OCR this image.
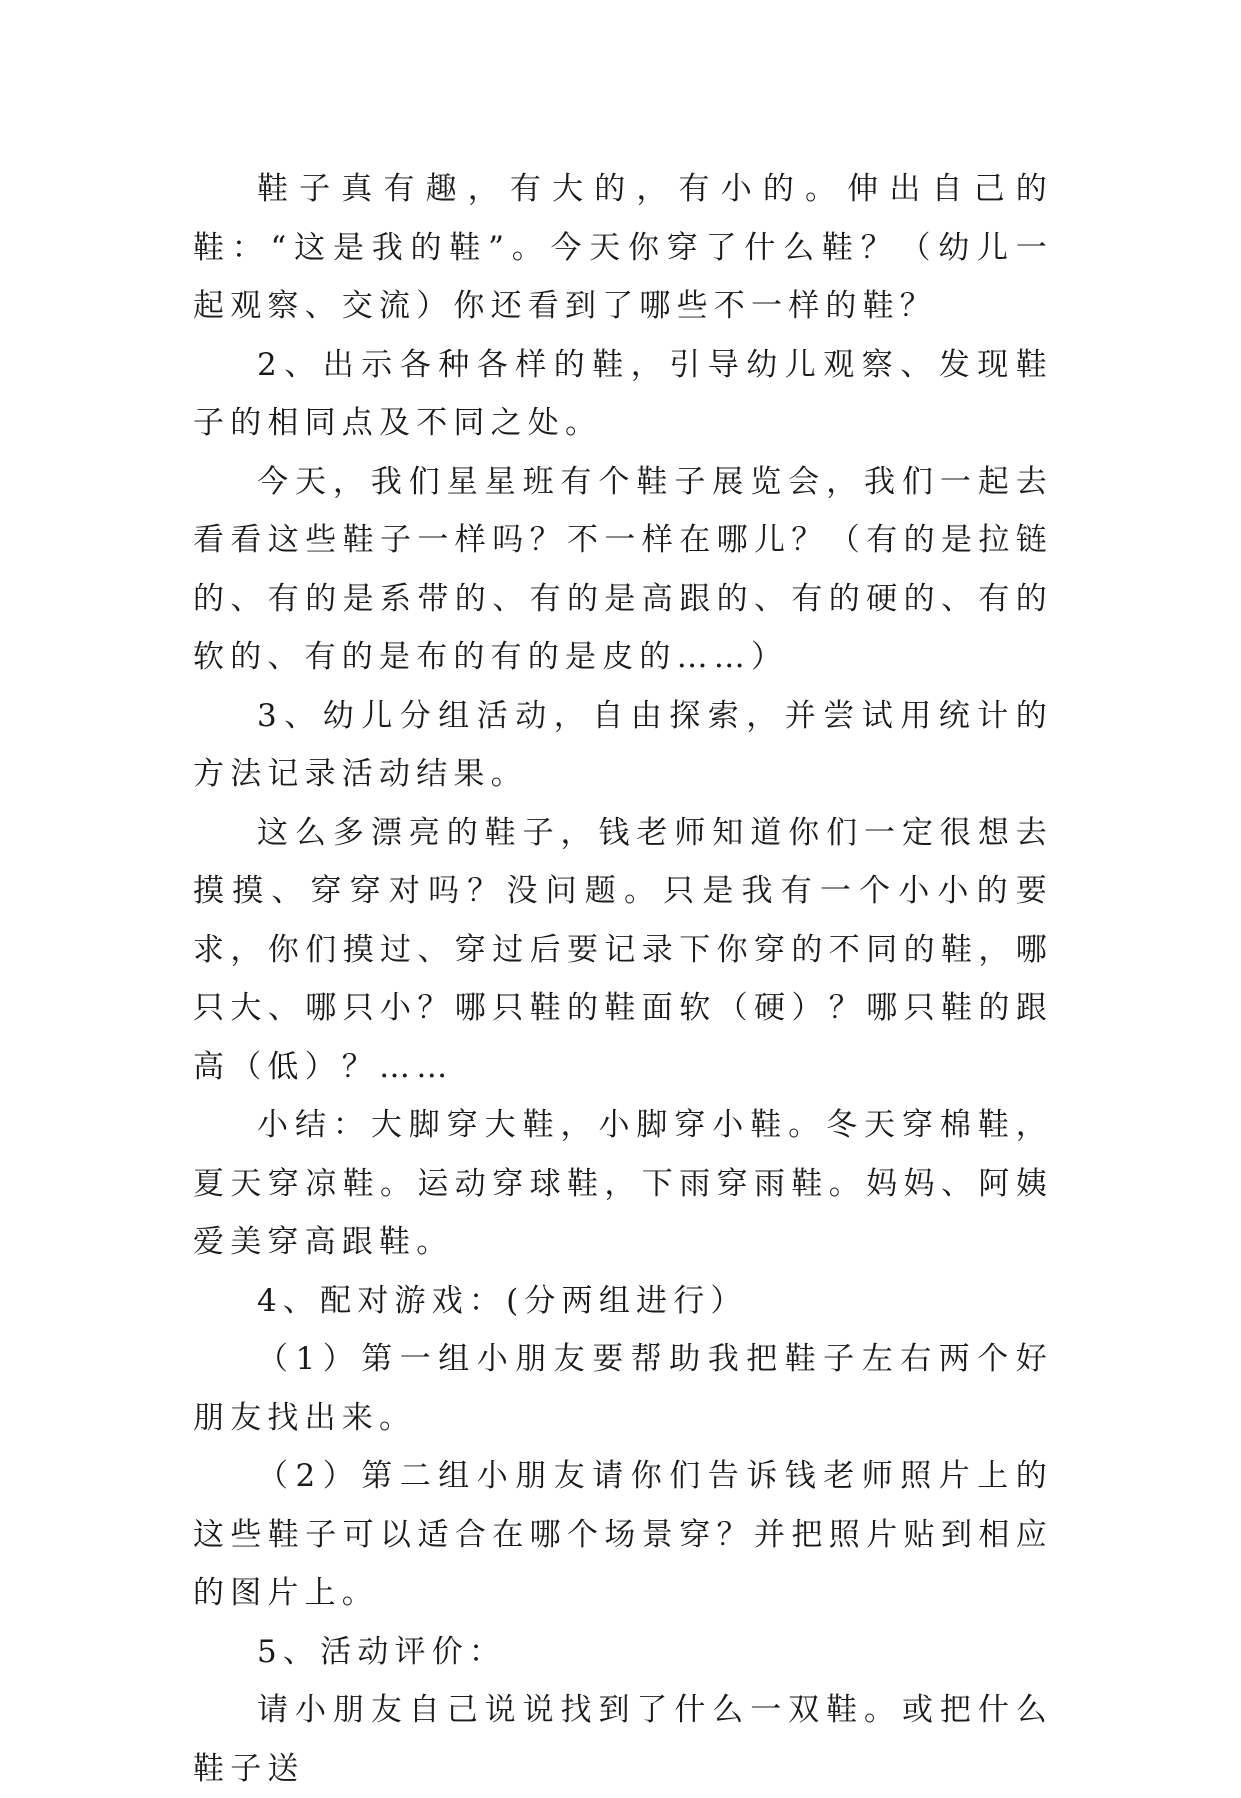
鞋子真有趣，有大的，有小的。伸出自己的鞋：“这是我的鞋”。今天你穿了什么鞋？（幼儿一起观察、交流）你还看到了哪些不一样的鞋？

2、出示各种各样的鞋，引导幼儿观察、发现鞋子的相同点及不同之处。

今天，我们星星班有个鞋子展览会，我们一起去看看这些鞋子一样吗？不一样在哪儿？（有的是拉链的、有的是系带的、有的是高跟的、有的硬的、有的软的、有的是布的有的是皮的……）

3、幼儿分组活动，自由探索，并尝试用统计的方法记录活动结果。

这么多漂亮的鞋子，钱老师知道你们一定很想去摸摸、穿穿对吗？没问题。只是我有一个小小的要求，你们摸过、穿过后要记录下你穿的不同的鞋，哪只大、哪只小？哪只鞋的鞋面软（硬）？哪只鞋的跟高（低）？……

小结：大脚穿大鞋，小脚穿小鞋。冬天穿棉鞋，夏天穿凉鞋。运动穿球鞋，下雨穿雨鞋。妈妈、阿姨爱美穿高跟鞋。

4、配对游戏：(分两组进行）

（1）第一组小朋友要帮助我把鞋子左右两个好朋友找出来。

（2）第二组小朋友请你们告诉钱老师照片上的这些鞋子可以适合在哪个场景穿？并把照片贴到相应的图片上。

5、活动评价：

请小朋友自己说说找到了什么一双鞋。或把什么鞋子送
